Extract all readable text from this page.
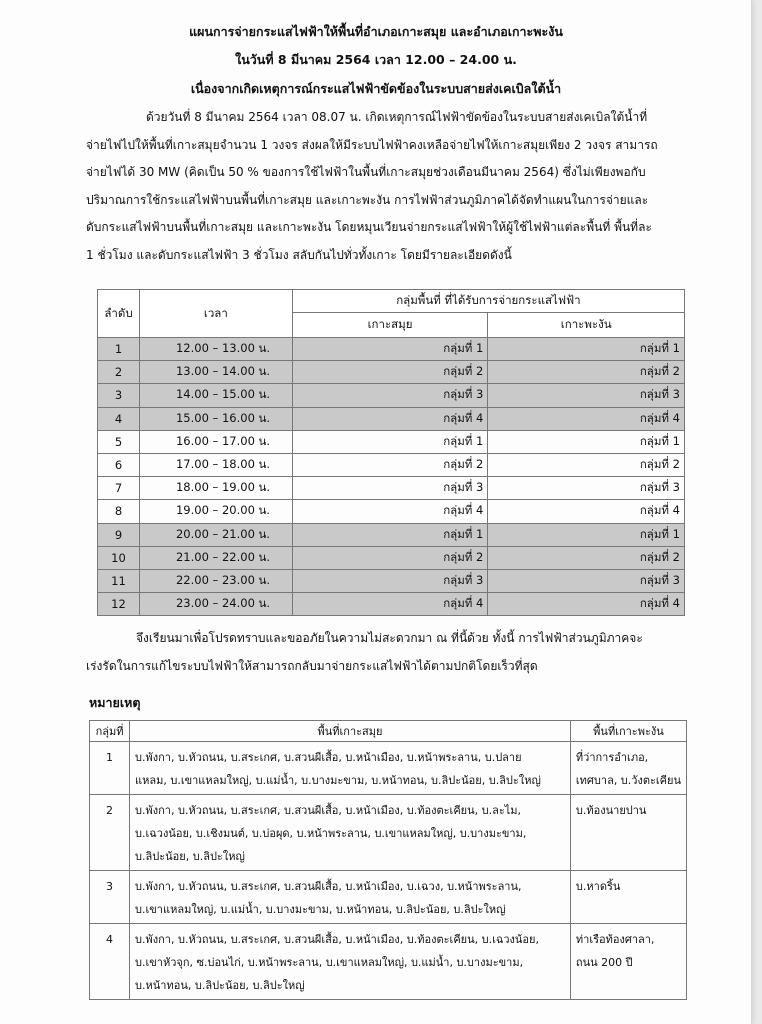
แผนการจ่ายกระแสไฟฟ้าให้พื้นที่อำเภอเกาะสมุย และอำเภอเกาะพะงัน
ในวันที่ 8 มีนาคม 2564 เวลา 12.00 – 24.00 น.
เนื่องจากเกิดเหตุการณ์กระแสไฟฟ้าขัดข้องในระบบสายส่งเคเบิลใต้น้ำ
ด้วยวันที่ 8 มีนาคม 2564 เวลา 08.07 น. เกิดเหตุการณ์ไฟฟ้าขัดข้องในระบบสายส่งเคเบิลใต้น้ำที่
จ่ายไฟไปให้พื้นที่เกาะสมุยจำนวน 1 วงจร ส่งผลให้มีระบบไฟฟ้าคงเหลือจ่ายไฟให้เกาะสมุยเพียง 2 วงจร สามารถ
จ่ายไฟได้ 30 MW (คิดเป็น 50 % ของการใช้ไฟฟ้าในพื้นที่เกาะสมุยช่วงเดือนมีนาคม 2564) ซึ่งไม่เพียงพอกับ
ปริมาณการใช้กระแสไฟฟ้าบนพื้นที่เกาะสมุย และเกาะพะงัน การไฟฟ้าส่วนภูมิภาคได้จัดทำแผนในการจ่ายและ
ดับกระแสไฟฟ้าบนพื้นที่เกาะสมุย และเกาะพะงัน โดยหมุนเวียนจ่ายกระแสไฟฟ้าให้ผู้ใช้ไฟฟ้าแต่ละพื้นที่ พื้นที่ละ
1 ชั่วโมง และดับกระแสไฟฟ้า 3 ชั่วโมง สลับกันไปทั่วทั้งเกาะ โดยมีรายละเอียดดังนี้
ลำดับ	เวลา	กลุ่มพื้นที่ ที่ได้รับการจ่ายกระแสไฟฟ้า	
		เกาะสมุย	เกาะพะงัน
1	12.00 – 13.00 น.	กลุ่มที่ 1	กลุ่มที่ 1
2	13.00 – 14.00 น.	กลุ่มที่ 2	กลุ่มที่ 2
3	14.00 – 15.00 น.	กลุ่มที่ 3	กลุ่มที่ 3
4	15.00 – 16.00 น.	กลุ่มที่ 4	กลุ่มที่ 4
5	16.00 – 17.00 น.	กลุ่มที่ 1	กลุ่มที่ 1
6	17.00 – 18.00 น.	กลุ่มที่ 2	กลุ่มที่ 2
7	18.00 – 19.00 น.	กลุ่มที่ 3	กลุ่มที่ 3
8	19.00 – 20.00 น.	กลุ่มที่ 4	กลุ่มที่ 4
9	20.00 – 21.00 น.	กลุ่มที่ 1	กลุ่มที่ 1
10	21.00 – 22.00 น.	กลุ่มที่ 2	กลุ่มที่ 2
11	22.00 – 23.00 น.	กลุ่มที่ 3	กลุ่มที่ 3
12	23.00 – 24.00 น.	กลุ่มที่ 4	กลุ่มที่ 4
จึงเรียนมาเพื่อโปรดทราบและขออภัยในความไม่สะดวกมา ณ ที่นี้ด้วย ทั้งนี้ การไฟฟ้าส่วนภูมิภาคจะ
เร่งรัดในการแก้ไขระบบไฟฟ้าให้สามารถกลับมาจ่ายกระแสไฟฟ้าได้ตามปกติโดยเร็วที่สุด
หมายเหตุ
กลุ่มที่	พื้นที่เกาะสมุย	พื้นที่เกาะพะงัน
1	บ.พังกา, บ.หัวถนน, บ.สระเกศ, บ.สวนผีเสื้อ, บ.หน้าเมือง, บ.หน้าพระลาน, บ.ปลาย
แหลม, บ.เขาแหลมใหญ่, บ.แม่น้ำ, บ.บางมะขาม, บ.หน้าทอน, บ.ลิปะน้อย, บ.ลิปะใหญ่	ที่ว่าการอำเภอ,
เทศบาล, บ.วังตะเคียน

2	บ.พังกา, บ.หัวถนน, บ.สระเกศ, บ.สวนผีเสื้อ, บ.หน้าเมือง, บ.ท้องตะเคียน, บ.ละไม,
บ.เฉวงน้อย, บ.เชิงมนต์, บ.บ่อผุด, บ.หน้าพระลาน, บ.เขาแหลมใหญ่, บ.บางมะขาม,
บ.ลิปะน้อย, บ.ลิปะใหญ่	บ.ท้องนายปาน

3	บ.พังกา, บ.หัวถนน, บ.สระเกศ, บ.สวนผีเสื้อ, บ.หน้าเมือง, บ.เฉวง, บ.หน้าพระลาน,
บ.เขาแหลมใหญ่, บ.แม่น้ำ, บ.บางมะขาม, บ.หน้าทอน, บ.ลิปะน้อย, บ.ลิปะใหญ่	บ.หาดริ้น

4	บ.พังกา, บ.หัวถนน, บ.สระเกศ, บ.สวนผีเสื้อ, บ.หน้าเมือง, บ.ท้องตะเคียน, บ.เฉวงน้อย,
บ.เขาหัวจุก, ซ.บ่อนไก่, บ.หน้าพระลาน, บ.เขาแหลมใหญ่, บ.แม่น้ำ, บ.บางมะขาม,
บ.หน้าทอน, บ.ลิปะน้อย, บ.ลิปะใหญ่	ท่าเรือท้องศาลา,
ถนน 200 ปี
